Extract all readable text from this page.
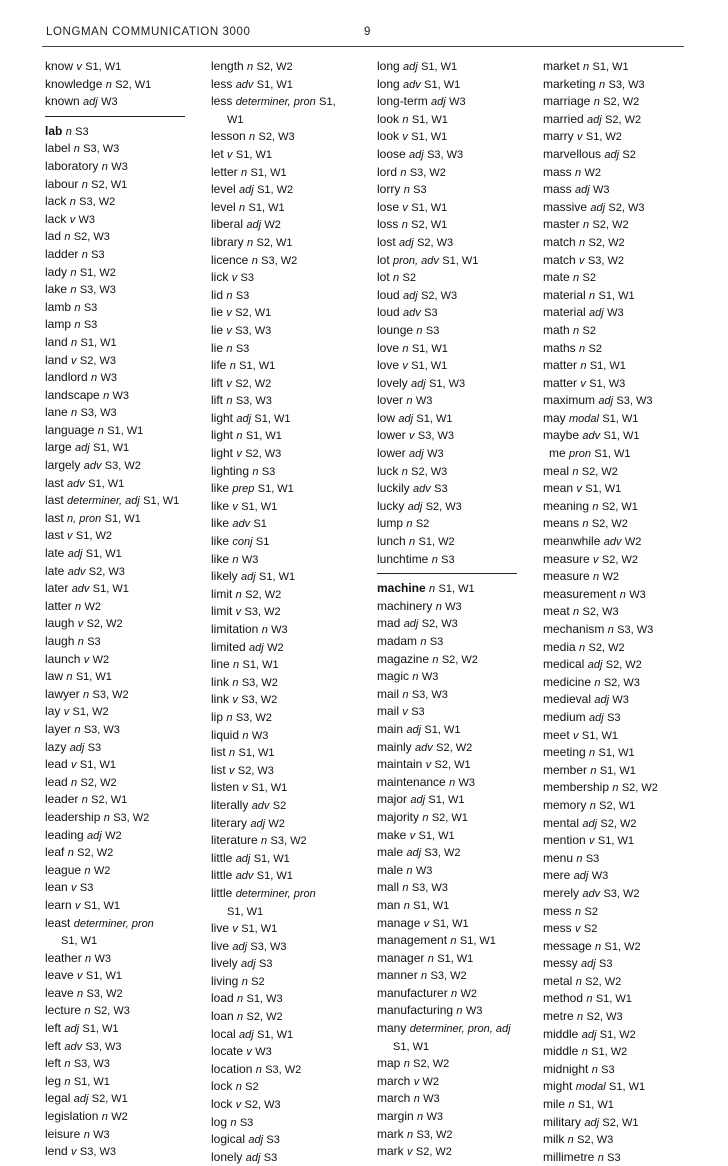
LONGMAN COMMUNICATION 3000	9
know v S1, W1
knowledge n S2, W1
known adj W3
lab n S3
label n S3, W3
laboratory n W3
labour n S2, W1
lack n S3, W2
lack v W3
lad n S2, W3
ladder n S3
lady n S1, W2
lake n S3, W3
lamb n S3
lamp n S3
land n S1, W1
land v S2, W3
landlord n W3
landscape n W3
lane n S3, W3
language n S1, W1
large adj S1, W1
largely adv S3, W2
last adv S1, W1
last determiner, adj S1, W1
last n, pron S1, W1
last v S1, W2
late adj S1, W1
late adv S2, W3
later adv S1, W1
latter n W2
laugh v S2, W2
laugh n S3
launch v W2
law n S1, W1
lawyer n S3, W2
lay v S1, W2
layer n S3, W3
lazy adj S3
lead v S1, W1
lead n S2, W2
leader n S2, W1
leadership n S3, W2
leading adj W2
leaf n S2, W2
league n W2
lean v S3
learn v S1, W1
least determiner, pron
S1, W1
leather n W3
leave v S1, W1
leave n S3, W2
lecture n S2, W3
left adj S1, W1
left adv S3, W3
left n S3, W3
leg n S1, W1
legal adj S2, W1
legislation n W2
leisure n W3
lend v S3, W3
length n S2, W2
less adv S1, W1
less determiner, pron S1,
W1
lesson n S2, W3
let v S1, W1
letter n S1, W1
level adj S1, W2
level n S1, W1
liberal adj W2
library n S2, W1
licence n S3, W2
lick v S3
lid n S3
lie v S2, W1
lie v S3, W3
lie n S3
life n S1, W1
lift v S2, W2
lift n S3, W3
light adj S1, W1
light n S1, W1
light v S2, W3
lighting n S3
like prep S1, W1
like v S1, W1
like adv S1
like conj S1
like n W3
likely adj S1, W1
limit n S2, W2
limit v S3, W2
limitation n W3
limited adj W2
line n S1, W1
link n S3, W2
link v S3, W2
lip n S3, W2
liquid n W3
list n S1, W1
list v S2, W3
listen v S1, W1
literally adv S2
literary adj W2
literature n S3, W2
little adj S1, W1
little adv S1, W1
little determiner, pron
S1, W1
live v S1, W1
live adj S3, W3
lively adj S3
living n S2
load n S1, W3
loan n S2, W2
local adj S1, W1
locate v W3
location n S3, W2
lock n S2
lock v S2, W3
log n S3
logical adj S3
lonely adj S3
long adj S1, W1
long adv S1, W1
long-term adj W3
look n S1, W1
look v S1, W1
loose adj S3, W3
lord n S3, W2
lorry n S3
lose v S1, W1
loss n S2, W1
lost adj S2, W3
lot pron, adv S1, W1
lot n S2
loud adj S2, W3
loud adv S3
lounge n S3
love n S1, W1
love v S1, W1
lovely adj S1, W3
lover n W3
low adj S1, W1
lower v S3, W3
lower adj W3
luck n S2, W3
luckily adv S3
lucky adj S2, W3
lump n S2
lunch n S1, W2
lunchtime n S3
machine n S1, W1
machinery n W3
mad adj S2, W3
madam n S3
magazine n S2, W2
magic n W3
mail n S3, W3
mail v S3
main adj S1, W1
mainly adv S2, W2
maintain v S2, W1
maintenance n W3
major adj S1, W1
majority n S2, W1
make v S1, W1
male adj S3, W2
male n W3
mall n S3, W3
man n S1, W1
manage v S1, W1
management n S1, W1
manager n S1, W1
manner n S3, W2
manufacturer n W2
manufacturing n W3
many determiner, pron, adj
S1, W1
map n S2, W2
march v W2
march n W3
margin n W3
mark n S3, W2
mark v S2, W2
market n S1, W1
marketing n S3, W3
marriage n S2, W2
married adj S2, W2
marry v S1, W2
marvellous adj S2
mass n W2
mass adj W3
massive adj S2, W3
master n S2, W2
match n S2, W2
match v S3, W2
mate n S2
material n S1, W1
material adj W3
math n S2
maths n S2
matter n S1, W1
matter v S1, W3
maximum adj S3, W3
may modal S1, W1
maybe adv S1, W1
me pron S1, W1
meal n S2, W2
mean v S1, W1
meaning n S2, W1
means n S2, W2
meanwhile adv W2
measure v S2, W2
measure n W2
measurement n W3
meat n S2, W3
mechanism n S3, W3
media n S2, W2
medical adj S2, W2
medicine n S2, W3
medieval adj W3
medium adj S3
meet v S1, W1
meeting n S1, W1
member n S1, W1
membership n S2, W2
memory n S2, W1
mental adj S2, W2
mention v S1, W1
menu n S3
mere adj W3
merely adv S3, W2
mess n S2
mess v S2
message n S1, W2
messy adj S3
metal n S2, W2
method n S1, W1
metre n S2, W3
middle adj S1, W2
middle n S1, W2
midnight n S3
might modal S1, W1
mile n S1, W1
military adj S2, W1
milk n S2, W3
millimetre n S3
